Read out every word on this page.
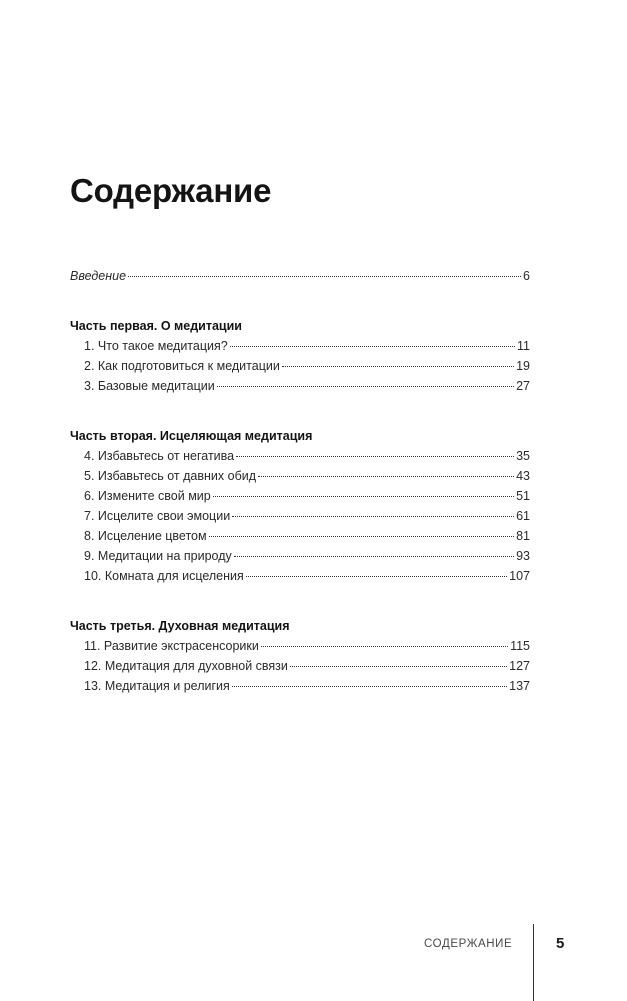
Содержание
Введение	6
Часть первая. О медитации
1. Что такое медитация?	11
2. Как подготовиться к медитации	19
3. Базовые медитации	27
Часть вторая. Исцеляющая медитация
4. Избавьтесь от негатива	35
5. Избавьтесь от давних обид	43
6. Измените свой мир	51
7. Исцелите свои эмоции	61
8. Исцеление цветом	81
9. Медитации на природу	93
10. Комната для исцеления	107
Часть третья. Духовная медитация
11. Развитие экстрасенсорики	115
12. Медитация для духовной связи	127
13. Медитация и религия	137
СОДЕРЖАНИЕ	5
